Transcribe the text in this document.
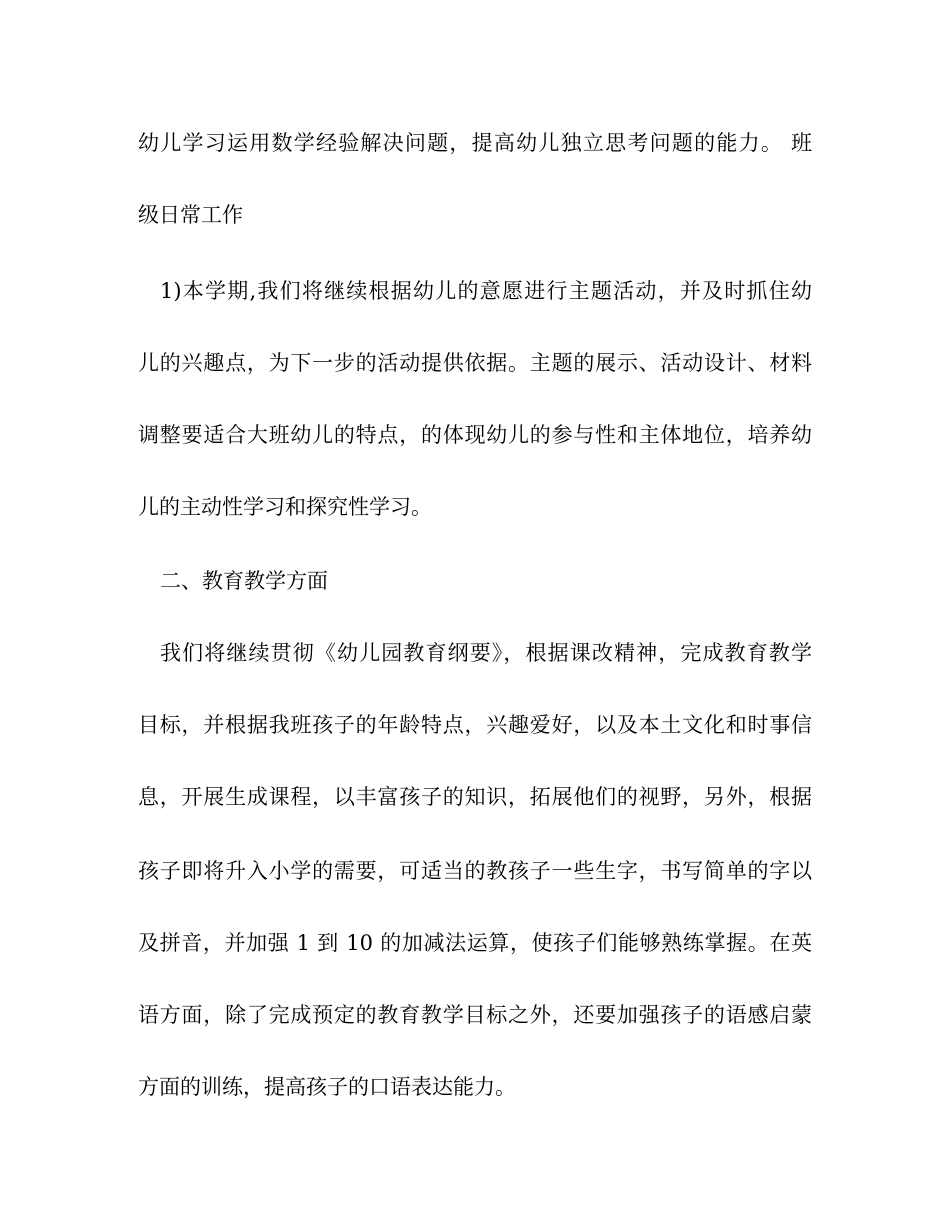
幼儿学习运用数学经验解决问题，提高幼儿独立思考问题的能力。 班

级日常工作

1)本学期,我们将继续根据幼儿的意愿进行主题活动，并及时抓住幼

儿的兴趣点，为下一步的活动提供依据。主题的展示、活动设计、材料

调整要适合大班幼儿的特点，的体现幼儿的参与性和主体地位，培养幼

儿的主动性学习和探究性学习。

二、教育教学方面

我们将继续贯彻《幼儿园教育纲要》，根据课改精神，完成教育教学

目标，并根据我班孩子的年龄特点，兴趣爱好，以及本土文化和时事信

息，开展生成课程，以丰富孩子的知识，拓展他们的视野，另外，根据

孩子即将升入小学的需要，可适当的教孩子一些生字，书写简单的字以

及拼音，并加强 1 到 10 的加减法运算，使孩子们能够熟练掌握。在英

语方面，除了完成预定的教育教学目标之外，还要加强孩子的语感启蒙

方面的训练，提高孩子的口语表达能力。
